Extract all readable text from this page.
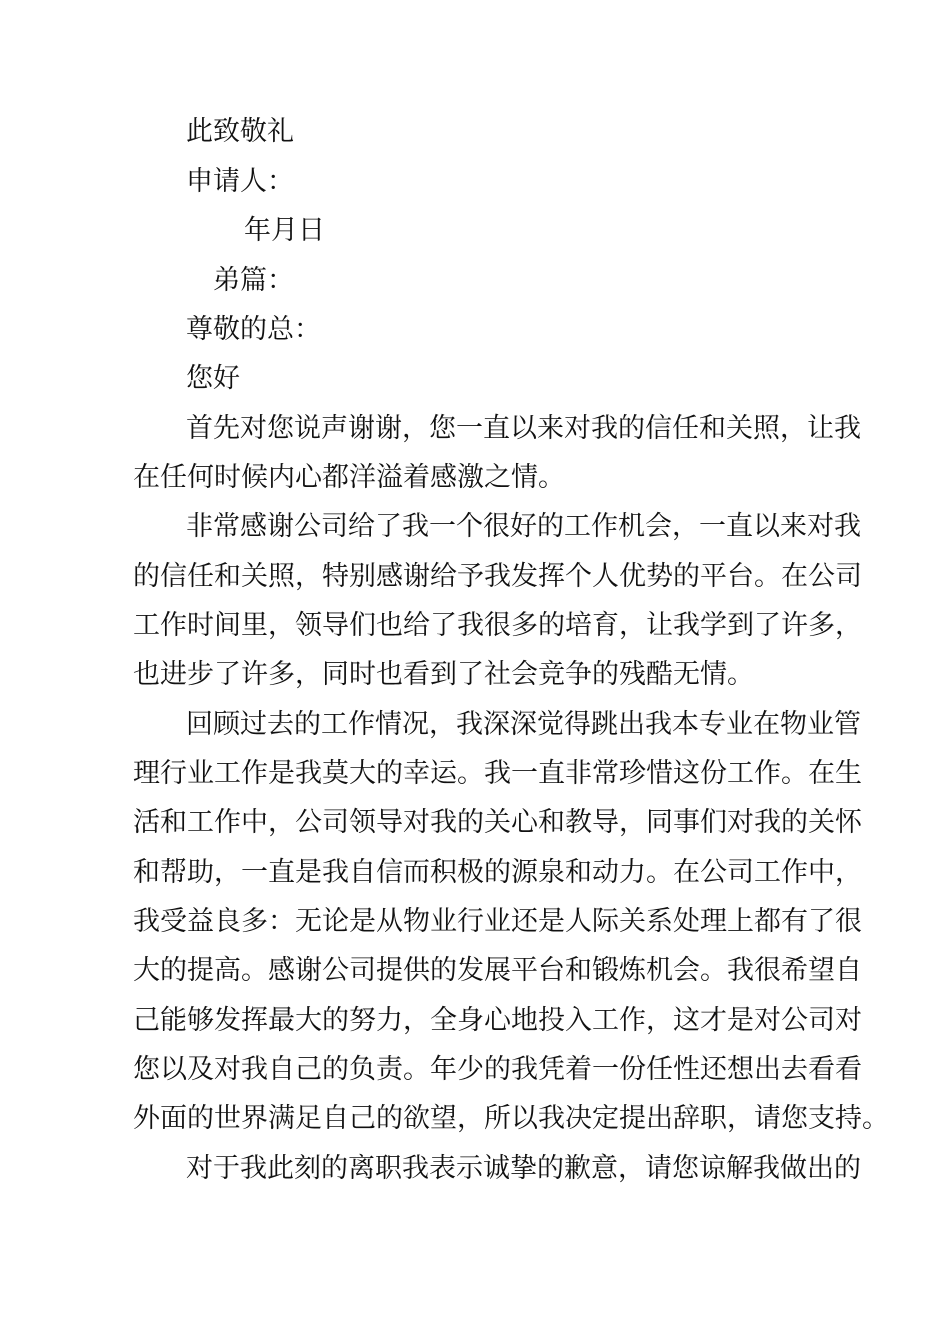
此致敬礼
申请人：
年月日
弟篇：
尊敬的总：
您好
首先对您说声谢谢，您一直以来对我的信任和关照，让我
在任何时候内心都洋溢着感激之情。
非常感谢公司给了我一个很好的工作机会，一直以来对我
的信任和关照，特别感谢给予我发挥个人优势的平台。在公司
工作时间里，领导们也给了我很多的培育，让我学到了许多，
也进步了许多，同时也看到了社会竞争的残酷无情。
回顾过去的工作情况，我深深觉得跳出我本专业在物业管
理行业工作是我莫大的幸运。我一直非常珍惜这份工作。在生
活和工作中，公司领导对我的关心和教导，同事们对我的关怀
和帮助，一直是我自信而积极的源泉和动力。在公司工作中，
我受益良多：无论是从物业行业还是人际关系处理上都有了很
大的提高。感谢公司提供的发展平台和锻炼机会。我很希望自
己能够发挥最大的努力，全身心地投入工作，这才是对公司对
您以及对我自己的负责。年少的我凭着一份任性还想出去看看
外面的世界满足自己的欲望，所以我决定提出辞职，请您支持。
对于我此刻的离职我表示诚挚的歉意，请您谅解我做出的
